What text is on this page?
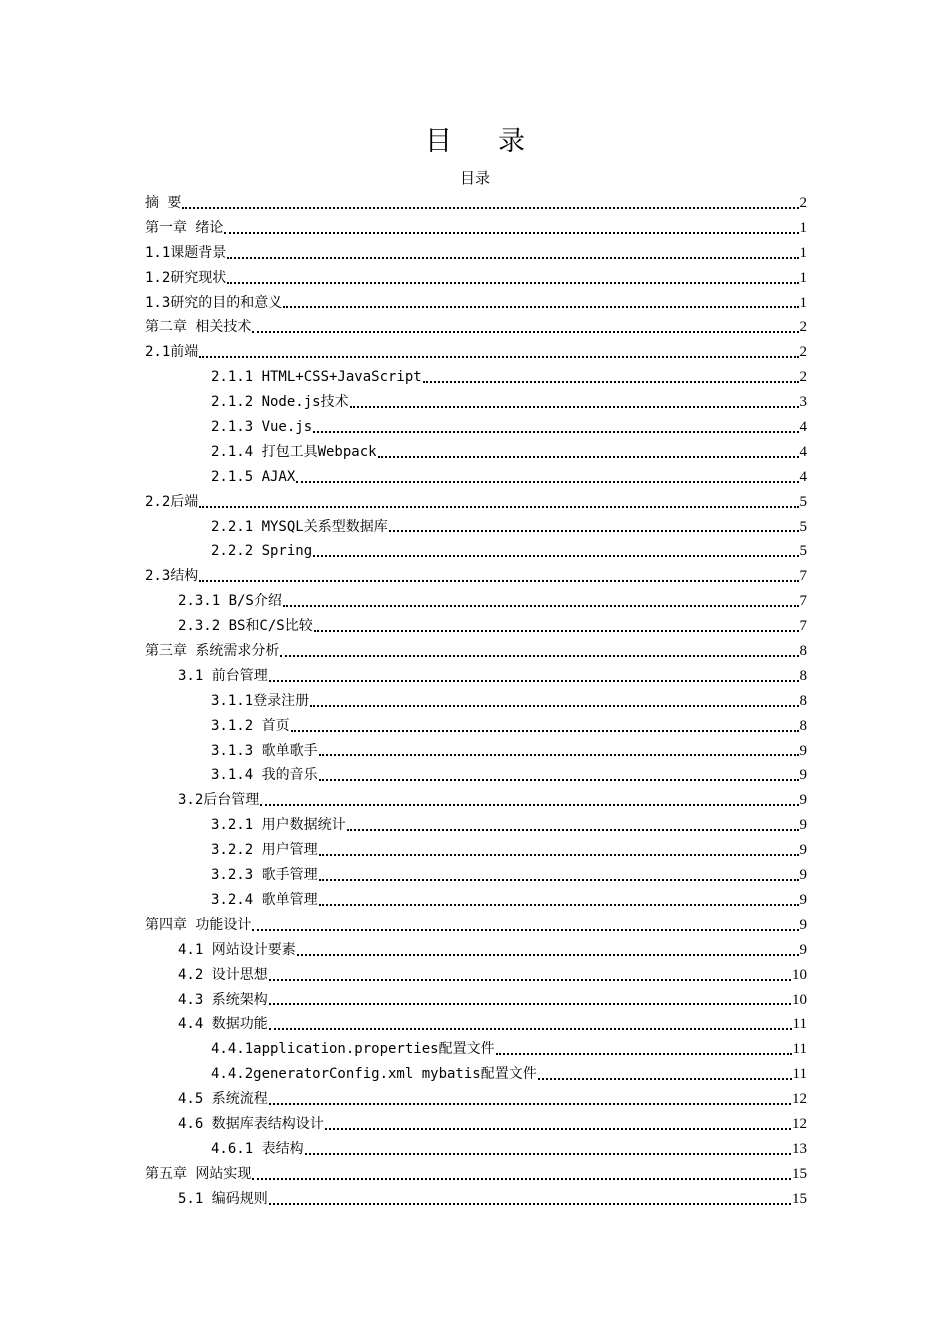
目录
目录
摘 要	2
第一章 绪论	1
1.1课题背景	1
1.2研究现状	1
1.3研究的目的和意义	1
第二章 相关技术	2
2.1前端	2
2.1.1 HTML+CSS+JavaScript	2
2.1.2 Node.js技术	3
2.1.3 Vue.js	4
2.1.4 打包工具Webpack	4
2.1.5 AJAX	4
2.2后端	5
2.2.1 MYSQL关系型数据库	5
2.2.2 Spring	5
2.3结构	7
2.3.1 B/S介绍	7
2.3.2 BS和C/S比较	7
第三章 系统需求分析	8
3.1 前台管理	8
3.1.1登录注册	8
3.1.2 首页	8
3.1.3 歌单歌手	9
3.1.4 我的音乐	9
3.2后台管理	9
3.2.1 用户数据统计	9
3.2.2 用户管理	9
3.2.3 歌手管理	9
3.2.4 歌单管理	9
第四章 功能设计	9
4.1 网站设计要素	9
4.2 设计思想	10
4.3 系统架构	10
4.4 数据功能	11
4.4.1application.properties配置文件	11
4.4.2generatorConfig.xml mybatis配置文件	11
4.5 系统流程	12
4.6 数据库表结构设计	12
4.6.1 表结构	13
第五章 网站实现	15
5.1 编码规则	15
